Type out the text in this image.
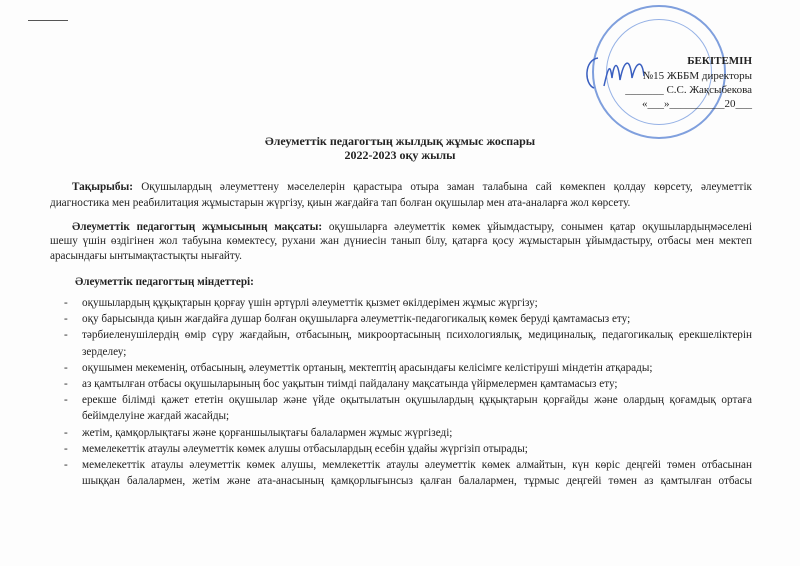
БЕКІТЕМІН
№15 ЖББМ директоры
_______ С.С. Жақсыбекова
«___»__________20___
Әлеуметтік педагогтың жылдық жұмыс жоспары
2022-2023 оқу жылы
Тақырыбы: Оқушылардың әлеуметтену мәселелерін қарастыра отыра заман талабына сай көмекпен қолдау көрсету, әлеуметтік
диагностика мен реабилитация жұмыстарын жүргізу, қиын жағдайға тап болған оқушылар мен ата-аналарға жол көрсету.
Әлеуметтік педагогтың жұмысының мақсаты: оқушыларға әлеуметтік көмек ұйымдастыру, сонымен қатар оқушылардыңмәселені
шешу үшін өздігінен жол табуына көмектесу, рухани жан дүниесін танып білу, қатарға қосу жұмыстарын ұйымдастыру, отбасы мен мектеп
арасындағы ынтымақтастықты нығайту.
Әлеуметтік педагогтың міндеттері:
- оқушылардың құқықтарын қорғау үшін әртүрлі әлеуметтік қызмет өкілдерімен жұмыс жүргізу;
- оқу барысында қиын жағдайға душар болған оқушыларға әлеуметтік-педагогикалық көмек беруді қамтамасыз ету;
- тәрбиеленушілердің өмір сүру жағдайын, отбасының, микроортасының психологиялық, медициналық, педагогикалық ерекшеліктерін
зерделеу;
- оқушымен мекеменің, отбасының, әлеуметтік ортаның, мектептің арасындағы келісімге келістіруші міндетін атқарады;
- аз қамтылған отбасы оқушыларының бос уақытын тиімді пайдалану мақсатында үйірмелермен қамтамасыз ету;
- ерекше білімді қажет ететін оқушылар және үйде оқытылатын оқушылардың құқықтарын қорғайды және олардың қоғамдық ортаға
бейімделуіне жағдай жасайды;
- жетім, қамқорлықтағы және қорғаншылықтағы балалармен жұмыс жүргізеді;
- мемелекеттік атаулы әлеуметтік көмек алушы отбасылардың есебін ұдайы жүргізіп отырады;
- мемелекеттік атаулы әлеуметтік көмек алушы, мемлекеттік атаулы әлеуметтік көмек алмайтын, күн көріс деңгейі төмен отбасынан
шыққан балалармен, жетім және ата-анасының қамқорлығынсыз қалған балалармен, тұрмыс деңгейі төмен аз қамтылған отбасы
